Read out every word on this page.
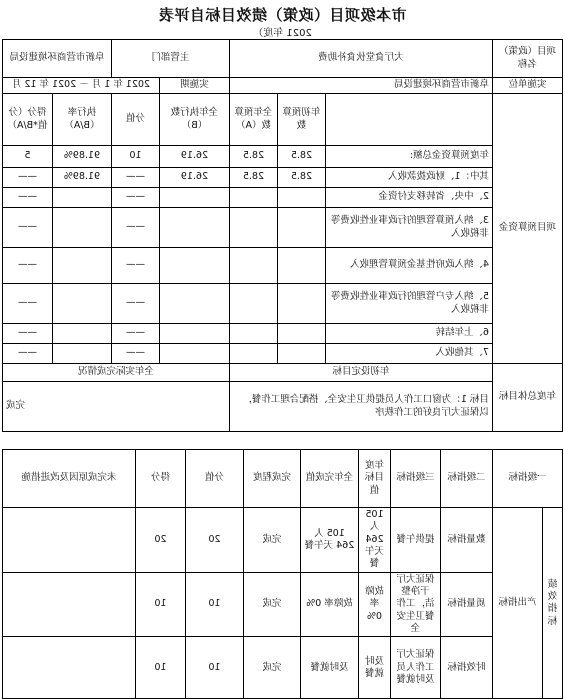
市本级项目（政策）绩效目标自评表
2021 年度）
项目（政策）名称	大厅食堂伙食补助费			主管部门		阜新市营商环境建设局	
实施单位	阜新市营商环境建设局			实施期	2021 年 1 月 － 2021 年 12 月		
项目预算资金		年初预算数	全年预算数（A）	全年执行数（B）	分值	执行率（B/A）	得分（分值*B/A）
	年度预算资金总额:	28.5	28.5	26.19	10	91.89%	5
	其中：1、财政拨款收入	28.5	28.5	26.19	——	91.89%	——
	2、中央、省转移支付资金				——		——
	3、纳入预算管理的行政事业性收费等非税收入				——		——
	4、纳入政府性基金预算管理收入				——		——
	5、纳入专户管理的行政事业性收费等非税收入				——		——
	6、上年结转				——		——
	7、其他收入				——		——
年度总体目标	年初设定目标			全年实际完成情况			
	目标 1：为窗口工作人员提供卫生安全、搭配合理工作餐，以保证大厅良好的工作秩序			完成			
一级指标		二级指标	三级指标	年度目标值	全年完成值	完成程度	分值	得分	未完成原因及改进措施
绩效指标	产出指标	数量指标	提供午餐	105 人 264 天午餐	105 人 264 天午餐	完成	20	20	
		质量指标	保证大厅干净整洁，工作餐卫生安全	故障率 0%	故障率 0%	完成	10	10	
		时效指标	保证大厅工作人员及时就餐	及时就餐	及时就餐	完成	10	10	
